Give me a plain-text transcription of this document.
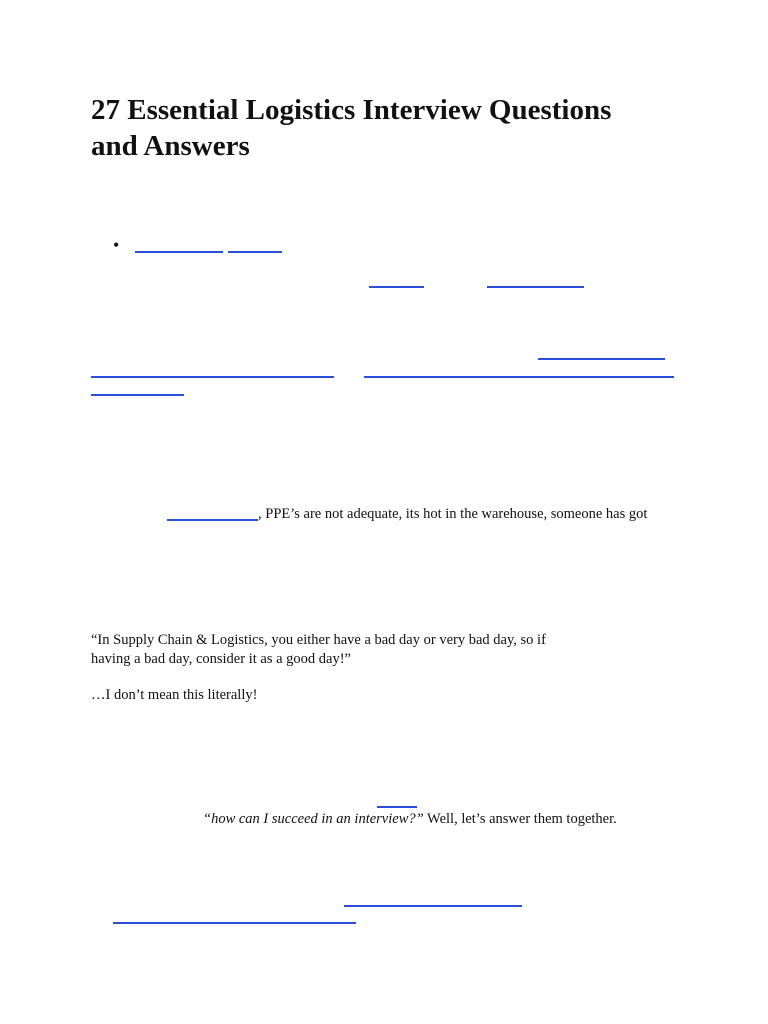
27 Essential Logistics Interview Questions
and Answers
•
, PPE’s are not adequate, its hot in the warehouse, someone has got
“In Supply Chain & Logistics, you either have a bad day or very bad day, so if
having a bad day, consider it as a good day!”
…I don’t mean this literally!
“how can I succeed in an interview?” Well, let’s answer them together.
